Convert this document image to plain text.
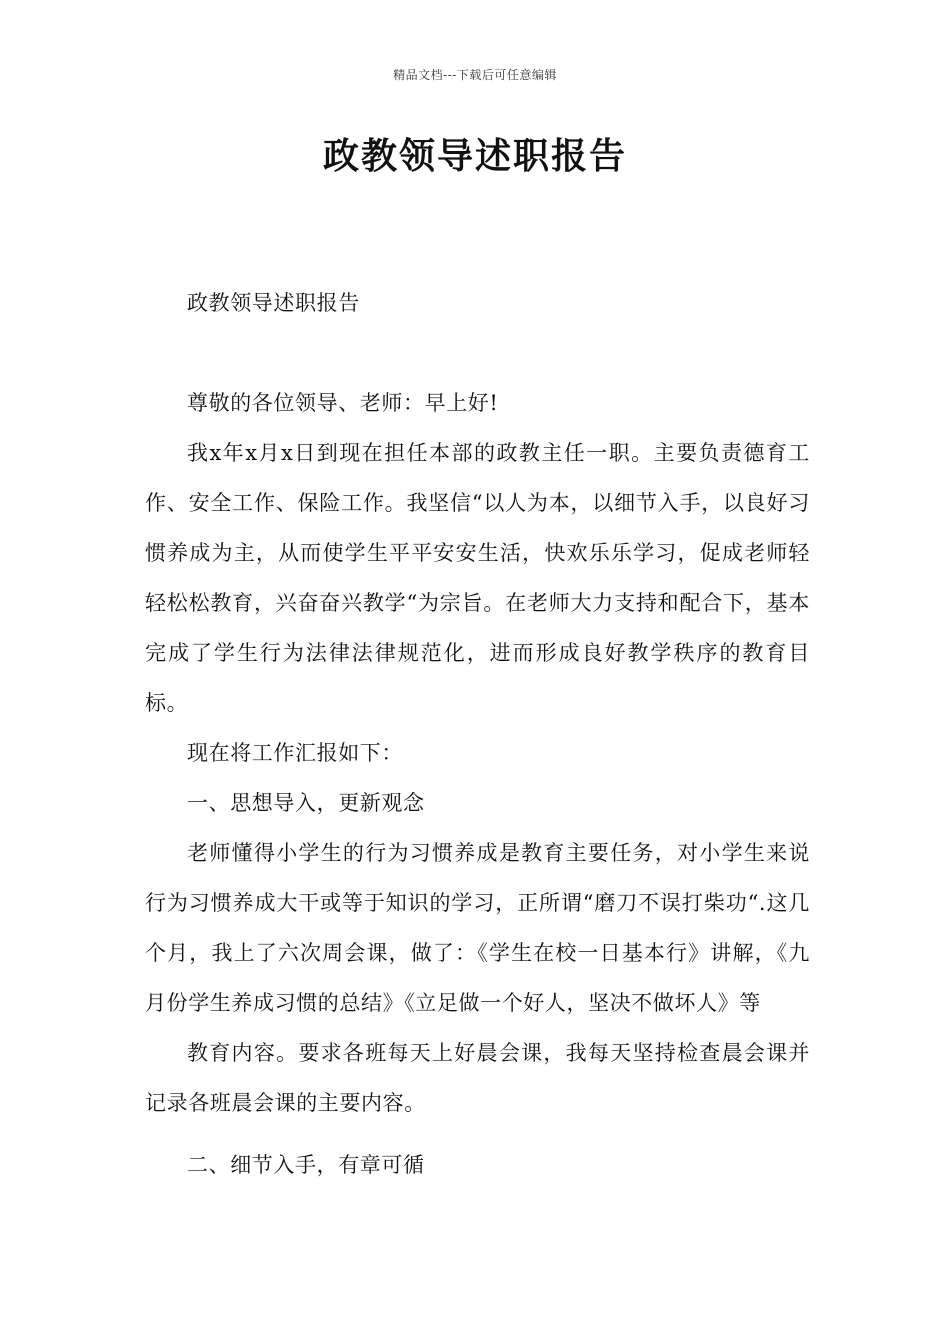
精品文档---下载后可任意编辑
政教领导述职报告

政教领导述职报告

尊敬的各位领导、老师：早上好!

我x年x月x日到现在担任本部的政教主任一职。主要负责德育工作、安全工作、保险工作。我坚信“以人为本，以细节入手，以良好习惯养成为主，从而使学生平平安安生活，快欢乐乐学习，促成老师轻轻松松教育，兴奋奋兴教学“为宗旨。在老师大力支持和配合下，基本完成了学生行为法律法律规范化，进而形成良好教学秩序的教育目标。

现在将工作汇报如下：

一、思想导入，更新观念

老师懂得小学生的行为习惯养成是教育主要任务，对小学生来说行为习惯养成大干或等于知识的学习，正所谓“磨刀不误打柴功“.这几个月，我上了六次周会课，做了：《学生在校一日基本行》讲解，《九月份学生养成习惯的总结》《立足做一个好人，坚决不做坏人》等

教育内容。要求各班每天上好晨会课，我每天坚持检查晨会课并记录各班晨会课的主要内容。

二、细节入手，有章可循
